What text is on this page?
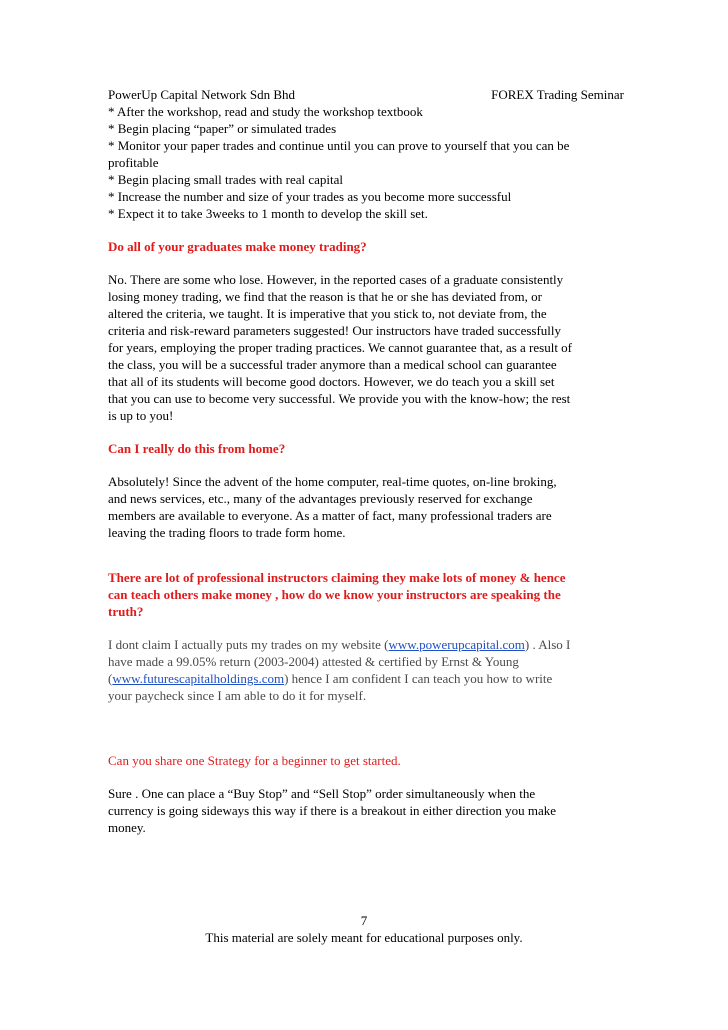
PowerUp Capital Network Sdn Bhd	FOREX Trading Seminar
* After the workshop, read and study the workshop textbook
* Begin placing “paper” or simulated trades
* Monitor your paper trades and continue until you can prove to yourself that you can be
profitable
* Begin placing small trades with real capital
* Increase the number and size of your trades as you become more successful
* Expect it to take 3weeks to 1 month to develop the skill set.

Do all of your graduates make money trading?

No. There are some who lose. However, in the reported cases of a graduate consistently
losing money trading, we find that the reason is that he or she has deviated from, or
altered the criteria, we taught. It is imperative that you stick to, not deviate from, the
criteria and risk-reward parameters suggested! Our instructors have traded successfully
for years, employing the proper trading practices. We cannot guarantee that, as a result of
the class, you will be a successful trader anymore than a medical school can guarantee
that all of its students will become good doctors. However, we do teach you a skill set
that you can use to become very successful. We provide you with the know-how; the rest
is up to you!

Can I really do this from home?

Absolutely! Since the advent of the home computer, real-time quotes, on-line broking,
and news services, etc., many of the advantages previously reserved for exchange
members are available to everyone. As a matter of fact, many professional traders are
leaving the trading floors to trade form home.
There are lot of professional instructors claiming they make lots of money & hence
can teach others make money , how do we know your instructors are speaking the
truth?
I dont claim I actually puts my trades on my website (www.powerupcapital.com) . Also I
have made a 99.05% return (2003-2004) attested & certified by Ernst & Young
(www.futurescapitalholdings.com) hence I am confident I can teach you how to write
your paycheck since I am able to do it for myself.

Can you share one Strategy for a beginner to get started.

Sure . One can place a “Buy Stop” and “Sell Stop” order simultaneously when the
currency is going sideways this way if there is a breakout in either direction you make
money.
7
This material are solely meant for educational purposes only.
